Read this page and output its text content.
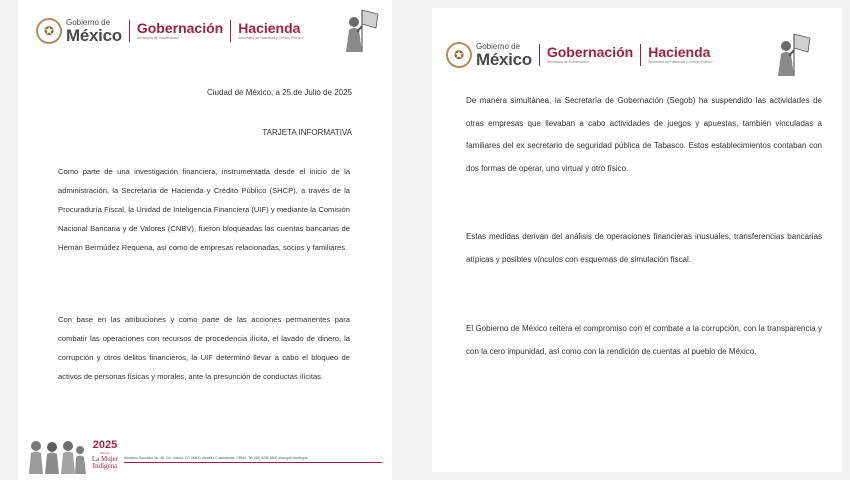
✪
Gobierno de
México Gobernación
Secretaría de Gobernación
Hacienda
Secretaría de Hacienda y Crédito Público
Ciudad de México, a 25 de Julio de 2025
TARJETA INFORMATIVA

Como parte de una investigación financiera, instrumentada desde el inicio de la administración, la Secretaría de Hacienda y Crédito Público (SHCP), a través de la Procuraduría Fiscal, la Unidad de Inteligencia Financiera (UIF) y mediante la Comisión Nacional Bancaria y de Valores (CNBV), fueron bloqueadas las cuentas bancarias de Hernán Bermúdez Requena, así como de empresas relacionadas, socios y familiares.

Con base en las atribuciones y como parte de las acciones permanentes para combatir las operaciones con recursos de procedencia ilícita, el lavado de dinero, la corrupción y otros delitos financieros, la UIF determinó llevar a cabo el bloqueo de activos de personas físicas y morales, ante la presunción de conductas ilícitas.

2025
Año de
La Mujer
Indígena
Abraham González No. 48, Col. Juárez, CP. 06600, Alcaldía Cuauhtémoc, CDMX. Tel: (55) 5209 8800 www.gob.mx/segob
✪
Gobierno de
México Gobernación
Secretaría de Gobernación
Hacienda
Secretaría de Hacienda y Crédito Público

De manera simultánea, la Secretaría de Gobernación (Segob) ha suspendido las actividades de otras empresas que llevaban a cabo actividades de juegos y apuestas, también vinculadas a familiares del ex secretario de seguridad pública de Tabasco. Estos establecimientos contaban con dos formas de operar, uno virtual y otro físico.

Estas medidas derivan del análisis de operaciones financieras inusuales, transferencias bancarias atípicas y posibles vínculos con esquemas de simulación fiscal.

El Gobierno de México reitera el compromiso con el combate a la corrupción, con la transparencia y con la cero impunidad, así como con la rendición de cuentas al pueblo de México.
